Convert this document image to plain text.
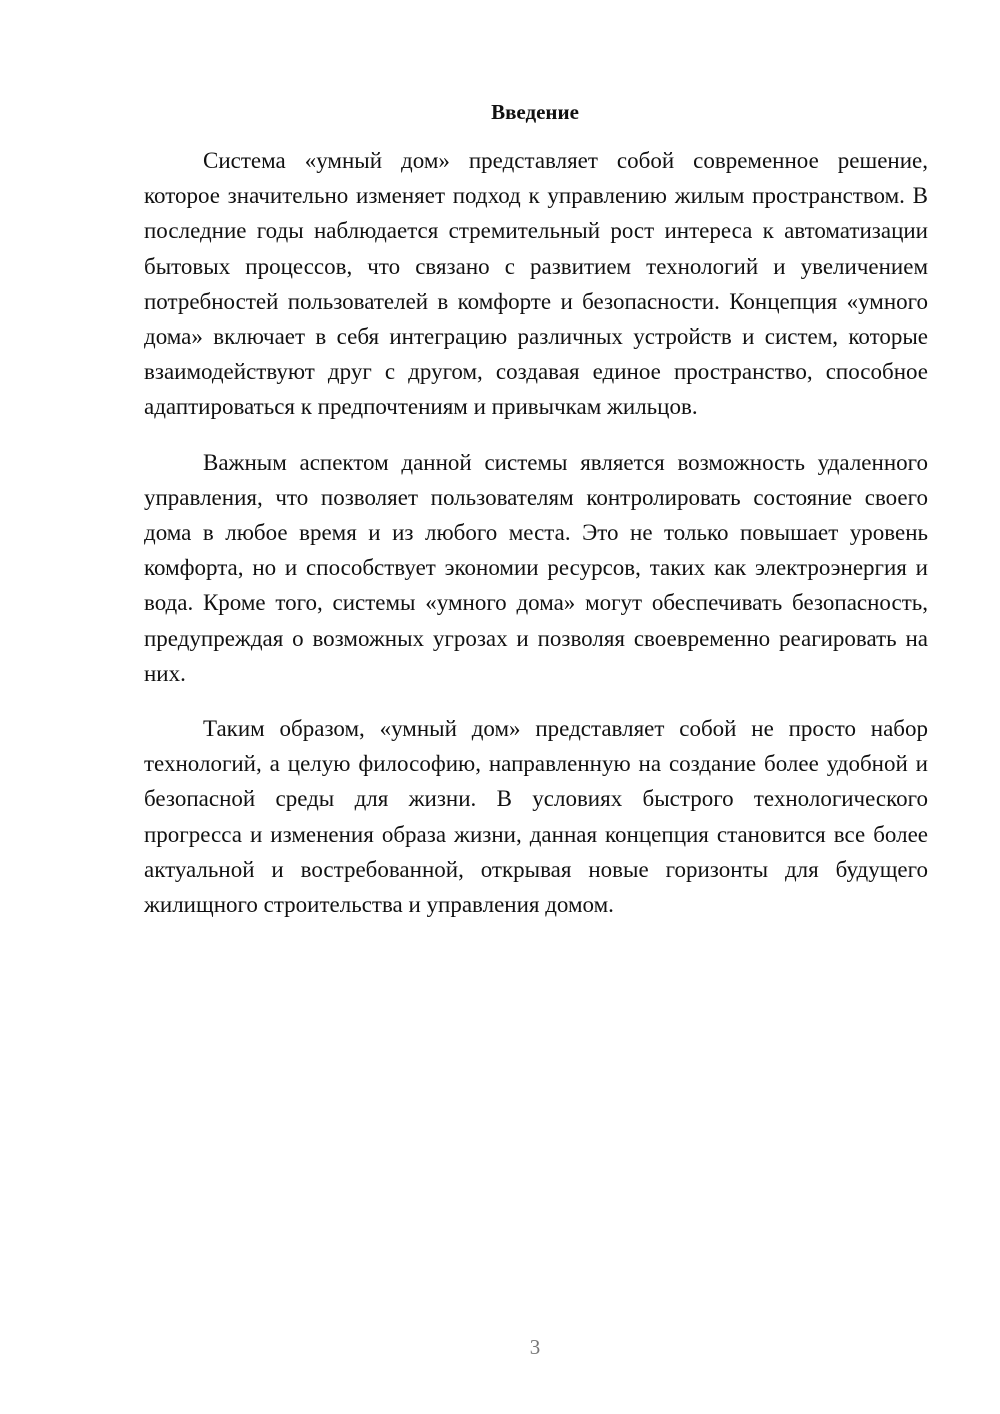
Введение

Система «умный дом» представляет собой современное решение, которое значительно изменяет подход к управлению жилым пространством. В последние годы наблюдается стремительный рост интереса к автоматизации бытовых процессов, что связано с развитием технологий и увеличением потребностей пользователей в комфорте и безопасности. Концепция «умного дома» включает в себя интеграцию различных устройств и систем, которые взаимодействуют друг с другом, создавая единое пространство, способное адаптироваться к предпочтениям и привычкам жильцов.

Важным аспектом данной системы является возможность удаленного управления, что позволяет пользователям контролировать состояние своего дома в любое время и из любого места. Это не только повышает уровень комфорта, но и способствует экономии ресурсов, таких как электроэнергия и вода. Кроме того, системы «умного дома» могут обеспечивать безопасность, предупреждая о возможных угрозах и позволяя своевременно реагировать на них.

Таким образом, «умный дом» представляет собой не просто набор технологий, а целую философию, направленную на создание более удобной и безопасной среды для жизни. В условиях быстрого технологического прогресса и изменения образа жизни, данная концепция становится все более актуальной и востребованной, открывая новые горизонты для будущего жилищного строительства и управления домом.

3
